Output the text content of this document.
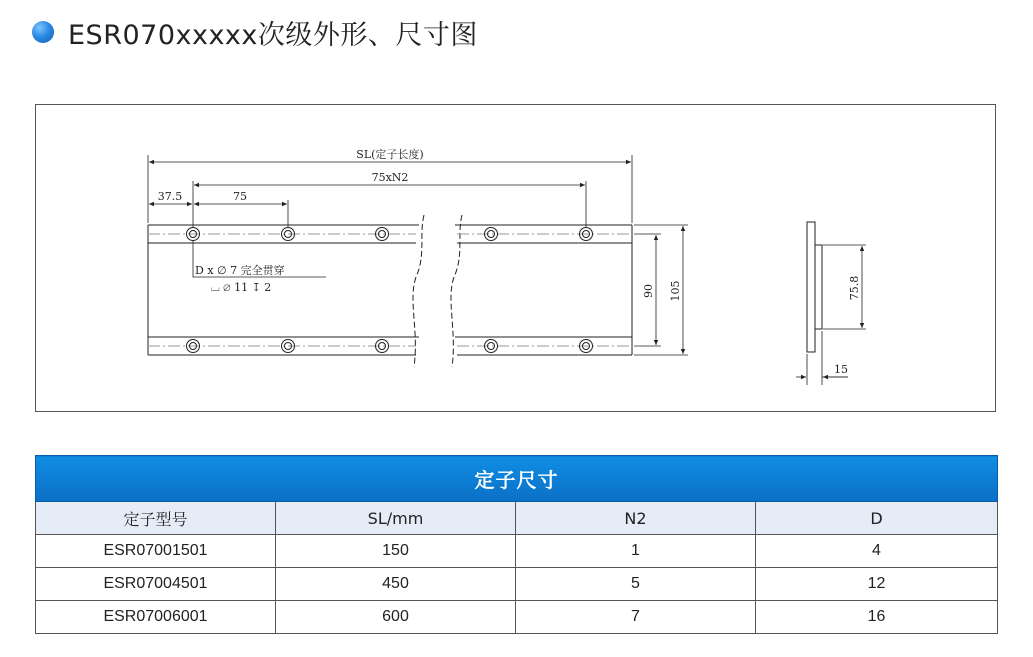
ESR070xxxxx次级外形、尺寸图
SL(定子长度)
75xN2
37.5	75
D x ∅ 7 完全贯穿
⌴ ∅ 11 ↧ 2	90 105	75.8
15
定子尺寸			
定子型号	SL/mm	N2	D
ESR07001501	150	1	4
ESR07004501	450	5	12
ESR07006001	600	7	16
